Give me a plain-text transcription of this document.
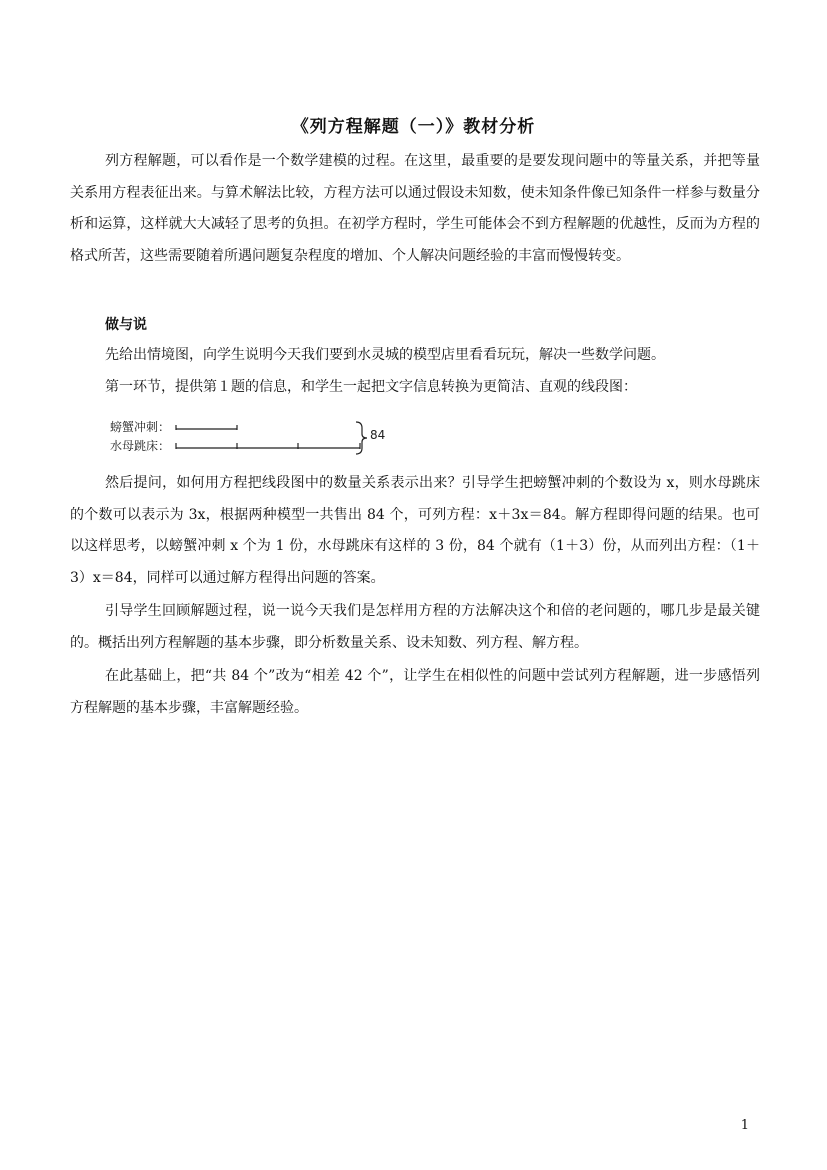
《列方程解题（一）》教材分析

列方程解题，可以看作是一个数学建模的过程。在这里，最重要的是要发现问题中的等量关系，并把等量关系用方程表征出来。与算术解法比较，方程方法可以通过假设未知数，使未知条件像已知条件一样参与数量分析和运算，这样就大大减轻了思考的负担。在初学方程时，学生可能体会不到方程解题的优越性，反而为方程的格式所苦，这些需要随着所遇问题复杂程度的增加、个人解决问题经验的丰富而慢慢转变。

做与说

先给出情境图，向学生说明今天我们要到水灵城的模型店里看看玩玩，解决一些数学问题。

第一环节，提供第１题的信息，和学生一起把文字信息转换为更简洁、直观的线段图：

螃蟹冲刺：
水母跳床：
84

然后提问，如何用方程把线段图中的数量关系表示出来？引导学生把螃蟹冲刺的个数设为 x，则水母跳床的个数可以表示为 3x，根据两种模型一共售出 84 个，可列方程：x＋3x＝84。解方程即得问题的结果。也可以这样思考，以螃蟹冲刺 x 个为 1 份，水母跳床有这样的 3 份，84 个就有（1＋3）份，从而列出方程：（1＋3）x＝84，同样可以通过解方程得出问题的答案。

引导学生回顾解题过程，说一说今天我们是怎样用方程的方法解决这个和倍的老问题的，哪几步是最关键的。概括出列方程解题的基本步骤，即分析数量关系、设未知数、列方程、解方程。

在此基础上，把“共 84 个”改为“相差 42 个”，让学生在相似性的问题中尝试列方程解题，进一步感悟列方程解题的基本步骤，丰富解题经验。

1
